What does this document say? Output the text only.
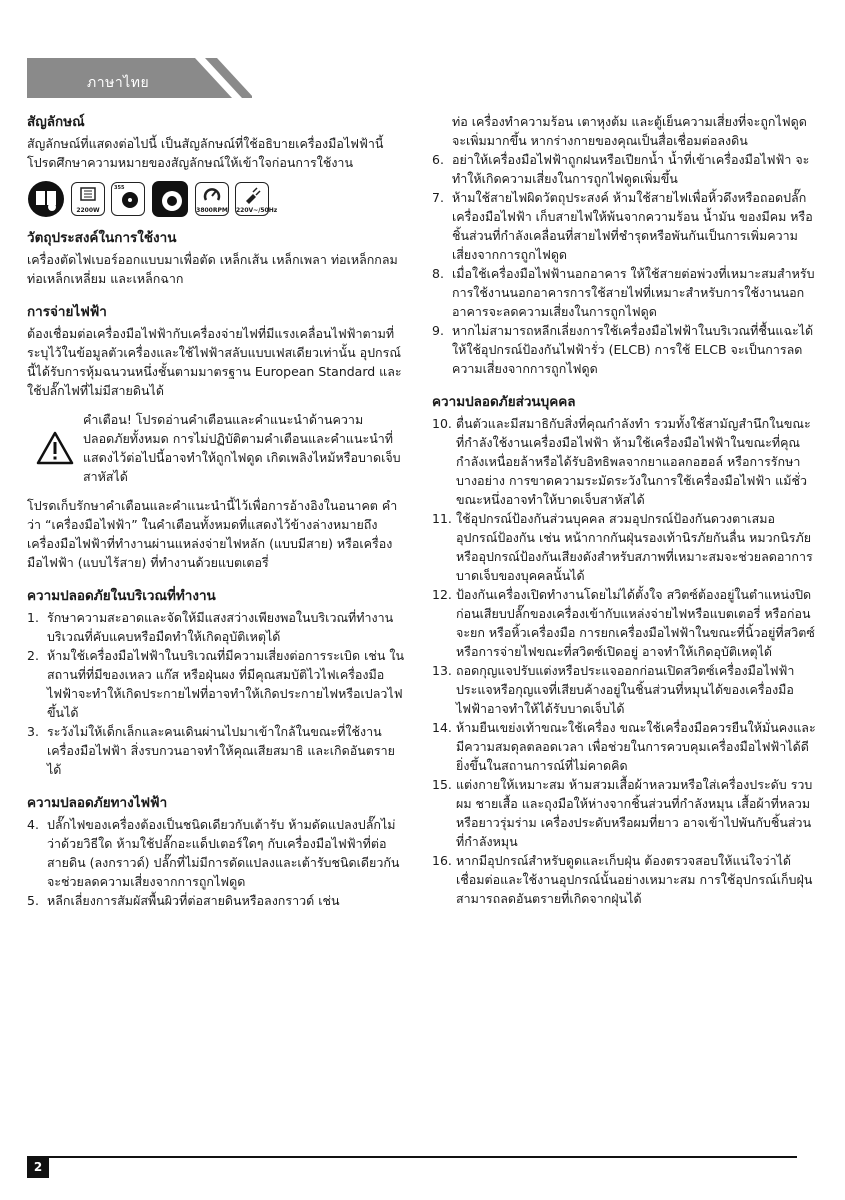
ภาษาไทย
สัญลักษณ์

สัญลักษณ์ที่แสดงต่อไปนี้ เป็นสัญลักษณ์ที่ใช้อธิบายเครื่องมือไฟฟ้านี้ โปรดศึกษาความหมายของสัญลักษณ์ให้เข้าใจก่อนการใช้งาน

2200W
355
3800RPM 220V~/50Hz
วัตถุประสงค์ในการใช้งาน

เครื่องตัดไฟเบอร์ออกแบบมาเพื่อตัด เหล็กเส้น เหล็กเพลา ท่อเหล็กกลม ท่อเหล็กเหลี่ยม และเหล็กฉาก

การจ่ายไฟฟ้า

ต้องเชื่อมต่อเครื่องมือไฟฟ้ากับเครื่องจ่ายไฟที่มีแรงเคลื่อนไฟฟ้าตามที่ระบุไว้ในข้อมูลตัวเครื่องและใช้ไฟฟ้าสลับแบบเฟสเดียวเท่านั้น อุปกรณ์นี้ได้รับการหุ้มฉนวนหนึ่งชั้นตามมาตรฐาน European Standard และใช้ปลั๊กไฟที่ไม่มีสายดินได้

คำเตือน! โปรดอ่านคำเตือนและคำแนะนำด้านความปลอดภัยทั้งหมด การไม่ปฏิบัติตามคำเตือนและคำแนะนำที่แสดงไว้ต่อไปนี้อาจทำให้ถูกไฟดูด เกิดเพลิงไหม้หรือบาดเจ็บสาหัสได้

โปรดเก็บรักษาคำเตือนและคำแนะนำนี้ไว้เพื่อการอ้างอิงในอนาคต คำว่า “เครื่องมือไฟฟ้า” ในคำเตือนทั้งหมดที่แสดงไว้ข้างล่างหมายถึง เครื่องมือไฟฟ้าที่ทำงานผ่านแหล่งจ่ายไฟหลัก (แบบมีสาย) หรือเครื่องมือไฟฟ้า (แบบไร้สาย) ที่ทำงานด้วยแบตเตอรี่

ความปลอดภัยในบริเวณที่ทำงาน
1. รักษาความสะอาดและจัดให้มีแสงสว่างเพียงพอในบริเวณที่ทำงาน บริเวณที่คับแคบหรือมืดทำให้เกิดอุบัติเหตุได้
2. ห้ามใช้เครื่องมือไฟฟ้าในบริเวณที่มีความเสี่ยงต่อการระเบิด เช่น ในสถานที่ที่มีของเหลว แก๊ส หรือฝุ่นผง ที่มีคุณสมบัติไวไฟเครื่องมือไฟฟ้าจะทำให้เกิดประกายไฟที่อาจทำให้เกิดประกายไฟหรือเปลวไฟขึ้นได้
3. ระวังไม่ให้เด็กเล็กและคนเดินผ่านไปมาเข้าใกล้ในขณะที่ใช้งานเครื่องมือไฟฟ้า สิ่งรบกวนอาจทำให้คุณเสียสมาธิ และเกิดอันตรายได้
ความปลอดภัยทางไฟฟ้า
4. ปลั๊กไฟของเครื่องต้องเป็นชนิดเดียวกับเต้ารับ ห้ามดัดแปลงปลั๊กไม่ว่าด้วยวิธีใด ห้ามใช้ปลั๊กอะแด็ปเตอร์ใดๆ กับเครื่องมือไฟฟ้าที่ต่อสายดิน (ลงกราวด์) ปลั๊กที่ไม่มีการดัดแปลงและเต้ารับชนิดเดียวกันจะช่วยลดความเสี่ยงจากการถูกไฟดูด
5. หลีกเลี่ยงการสัมผัสพื้นผิวที่ต่อสายดินหรือลงกราวด์ เช่น

ท่อ เครื่องทำความร้อน เตาหุงต้ม และตู้เย็นความเสี่ยงที่จะถูกไฟดูดจะเพิ่มมากขึ้น หากร่างกายของคุณเป็นสื่อเชื่อมต่อลงดิน

6. อย่าให้เครื่องมือไฟฟ้าถูกฝนหรือเปียกน้ำ น้ำที่เข้าเครื่องมือไฟฟ้า จะทำให้เกิดความเสี่ยงในการถูกไฟดูดเพิ่มขึ้น
7. ห้ามใช้สายไฟผิดวัตถุประสงค์ ห้ามใช้สายไฟเพื่อหิ้วดึงหรือถอดปลั๊กเครื่องมือไฟฟ้า เก็บสายไฟให้พ้นจากความร้อน น้ำมัน ของมีคม หรือชิ้นส่วนที่กำลังเคลื่อนที่สายไฟที่ชำรุดหรือพันกันเป็นการเพิ่มความเสี่ยงจากการถูกไฟดูด
8. เมื่อใช้เครื่องมือไฟฟ้านอกอาคาร ให้ใช้สายต่อพ่วงที่เหมาะสมสำหรับการใช้งานนอกอาคารการใช้สายไฟที่เหมาะสำหรับการใช้งานนอกอาคารจะลดความเสี่ยงในการถูกไฟดูด
9. หากไม่สามารถหลีกเลี่ยงการใช้เครื่องมือไฟฟ้าในบริเวณที่ชื้นแฉะได้ ให้ใช้อุปกรณ์ป้องกันไฟฟ้ารั่ว (ELCB) การใช้ ELCB จะเป็นการลดความเสี่ยงจากการถูกไฟดูด
ความปลอดภัยส่วนบุคคล
10. ตื่นตัวและมีสมาธิกับสิ่งที่คุณกำลังทำ รวมทั้งใช้สามัญสำนึกในขณะที่กำลังใช้งานเครื่องมือไฟฟ้า ห้ามใช้เครื่องมือไฟฟ้าในขณะที่คุณกำลังเหนื่อยล้าหรือได้รับอิทธิพลจากยาแอลกอฮอล์ หรือการรักษาบางอย่าง การขาดความระมัดระวังในการใช้เครื่องมือไฟฟ้า แม้ชั่วขณะหนึ่งอาจทำให้บาดเจ็บสาหัสได้
11. ใช้อุปกรณ์ป้องกันส่วนบุคคล สวมอุปกรณ์ป้องกันดวงตาเสมอ อุปกรณ์ป้องกัน เช่น หน้ากากกันฝุ่นรองเท้านิรภัยกันลื่น หมวกนิรภัย หรืออุปกรณ์ป้องกันเสียงดังสำหรับสภาพที่เหมาะสมจะช่วยลดอาการบาดเจ็บของบุคคลนั้นได้
12. ป้องกันเครื่องเปิดทำงานโดยไม่ได้ตั้งใจ สวิตซ์ต้องอยู่ในตำแหน่งปิดก่อนเสียบปลั๊กของเครื่องเข้ากับแหล่งจ่ายไฟหรือแบตเตอรี่ หรือก่อนจะยก หรือหิ้วเครื่องมือ การยกเครื่องมือไฟฟ้าในขณะที่นิ้วอยู่ที่สวิตซ์หรือการจ่ายไฟขณะที่สวิตซ์เปิดอยู่ อาจทำให้เกิดอุบัติเหตุได้
13. ถอดกุญแจปรับแต่งหรือประแจออกก่อนเปิดสวิตซ์เครื่องมือไฟฟ้า ประแจหรือกุญแจที่เสียบค้างอยู่ในชิ้นส่วนที่หมุนได้ของเครื่องมือไฟฟ้าอาจทำให้ได้รับบาดเจ็บได้
14. ห้ามยืนเขย่งเท้าขณะใช้เครื่อง ขณะใช้เครื่องมือควรยืนให้มั่นคงและมีความสมดุลตลอดเวลา เพื่อช่วยในการควบคุมเครื่องมือไฟฟ้าได้ดียิ่งขึ้นในสถานการณ์ที่ไม่คาดคิด
15. แต่งกายให้เหมาะสม ห้ามสวมเสื้อผ้าหลวมหรือใส่เครื่องประดับ รวบผม ชายเสื้อ และถุงมือให้ห่างจากชิ้นส่วนที่กำลังหมุน เสื้อผ้าที่หลวมหรือยาวรุ่มร่าม เครื่องประดับหรือผมที่ยาว อาจเข้าไปพันกับชิ้นส่วนที่กำลังหมุน
16. หากมีอุปกรณ์สำหรับดูดและเก็บฝุ่น ต้องตรวจสอบให้แน่ใจว่าได้เชื่อมต่อและใช้งานอุปกรณ์นั้นอย่างเหมาะสม การใช้อุปกรณ์เก็บฝุ่นสามารถลดอันตรายที่เกิดจากฝุ่นได้
2
